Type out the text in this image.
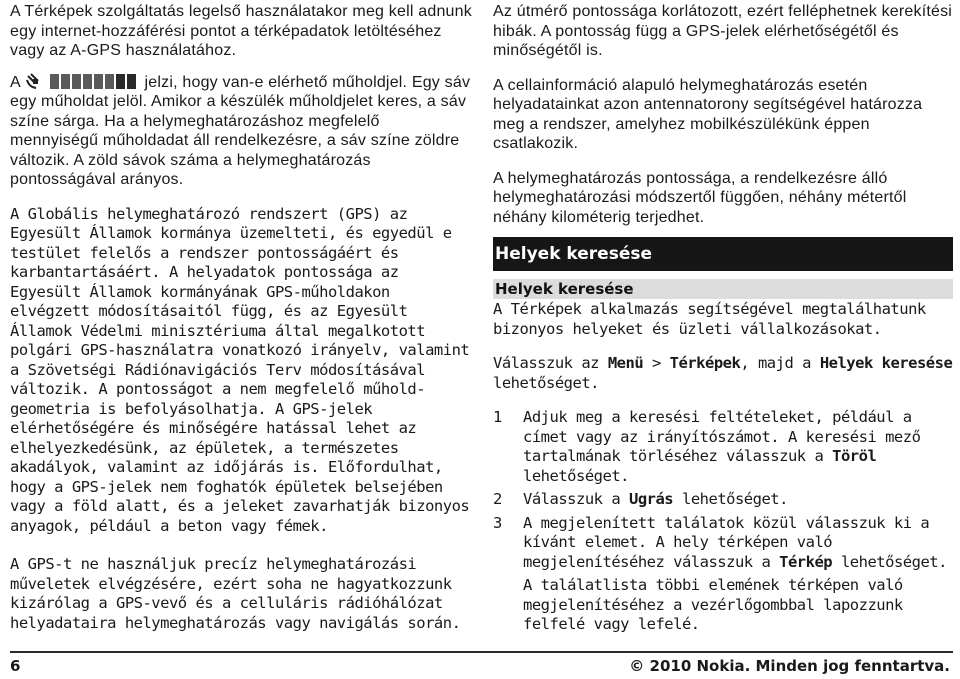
A Térképek szolgáltatás legelső használatakor meg kell adnunk egy internet-hozzáférési pontot a térképadatok letöltéséhez vagy az A-GPS használatához.

A	jelzi, hogy van-e elérhető műholdjel. Egy sáv egy műholdat jelöl. Amikor a készülék műholdjelet keres, a sáv színe sárga. Ha a helymeghatározáshoz megfelelő mennyiségű műholdadat áll rendelkezésre, a sáv színe zöldre változik. A zöld sávok száma a helymeghatározás pontosságával arányos.

A Globális helymeghatározó rendszert (GPS) az Egyesült Államok kormánya üzemelteti, és egyedül e testület felelős a rendszer pontosságáért és karbantartásáért. A helyadatok pontossága az Egyesült Államok kormányának GPS-műholdakon elvégzett módosításaitól függ, és az Egyesült Államok Védelmi minisztériuma által megalkotott polgári GPS-használatra vonatkozó irányelv, valamint a Szövetségi Rádiónavigációs Terv módosításával változik. A pontosságot a nem megfelelő műhold-geometria is befolyásolhatja. A GPS-jelek elérhetőségére és minőségére hatással lehet az elhelyezkedésünk, az épületek, a természetes akadályok, valamint az időjárás is. Előfordulhat, hogy a GPS-jelek nem foghatók épületek belsejében vagy a föld alatt, és a jeleket zavarhatják bizonyos anyagok, például a beton vagy fémek.

A GPS-t ne használjuk precíz helymeghatározási műveletek elvégzésére, ezért soha ne hagyatkozzunk kizárólag a GPS-vevő és a celluláris rádióhálózat helyadataira helymeghatározás vagy navigálás során.

Az útmérő pontossága korlátozott, ezért felléphetnek kerekítési hibák. A pontosság függ a GPS-jelek elérhetőségétől és minőségétől is.

A cellainformáció alapuló helymeghatározás esetén helyadatainkat azon antennatorony segítségével határozza meg a rendszer, amelyhez mobilkészülékünk éppen csatlakozik.

A helymeghatározás pontossága, a rendelkezésre álló helymeghatározási módszertől függően, néhány métertől néhány kilométerig terjedhet.

Helyek keresése
Helyek keresése

A Térképek alkalmazás segítségével megtalálhatunk bizonyos helyeket és üzleti vállalkozásokat.

Válasszuk az Menü > Térképek, majd a Helyek keresése lehetőséget.

1 Adjuk meg a keresési feltételeket, például a címet vagy az irányítószámot. A keresési mező tartalmának törléséhez válasszuk a Töröl lehetőséget.
2 Válasszuk a Ugrás lehetőséget.
3 A megjelenített találatok közül válasszuk ki a kívánt elemet. A hely térképen való megjelenítéséhez válasszuk a Térkép lehetőséget.
A találatlista többi elemének térképen való megjelenítéséhez a vezérlőgombbal lapozzunk felfelé vagy lefelé.
6	© 2010 Nokia. Minden jog fenntartva.
